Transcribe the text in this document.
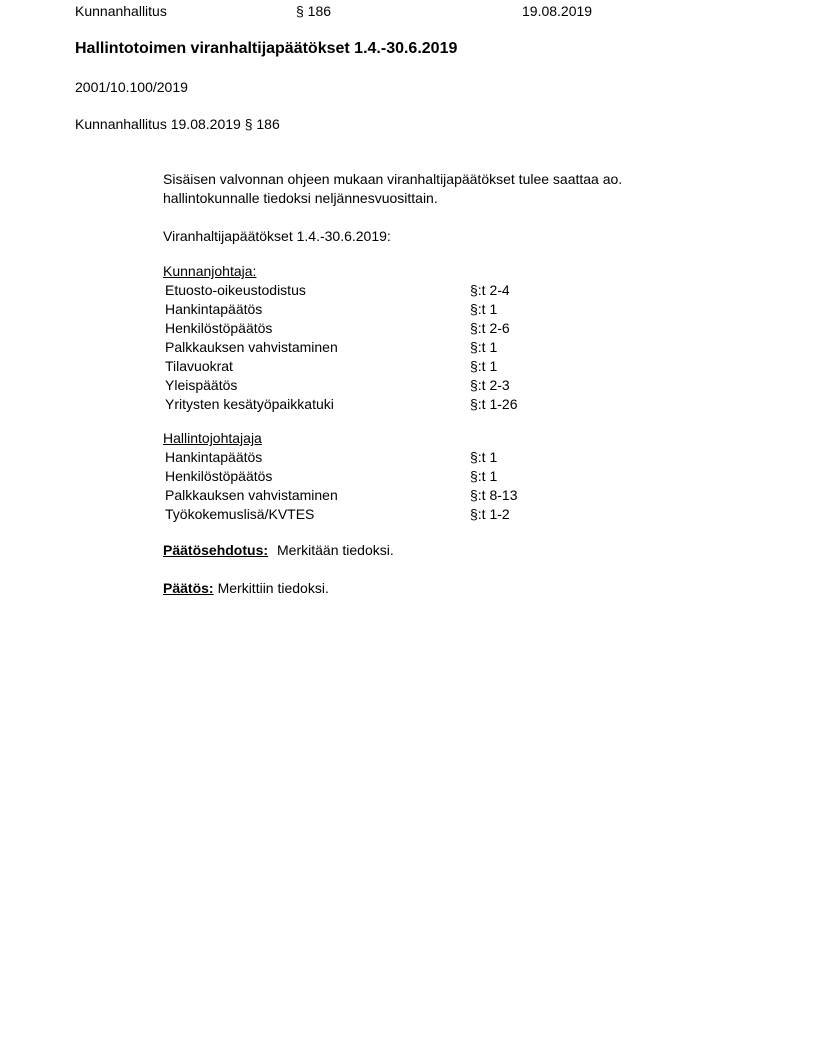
Kunnanhallitus	§ 186	19.08.2019
Hallintotoimen viranhaltijapäätökset 1.4.-30.6.2019
2001/10.100/2019
Kunnanhallitus 19.08.2019 § 186

Sisäisen valvonnan ohjeen mukaan viranhaltijapäätökset tulee saattaa ao.
hallintokunnalle tiedoksi neljännesvuosittain.

Viranhaltijapäätökset 1.4.-30.6.2019:
Kunnanjohtaja:
Etuosto-oikeustodistus	§:t 2-4
Hankintapäätös	§:t 1
Henkilöstöpäätös	§:t 2-6
Palkkauksen vahvistaminen	§:t 1
Tilavuokrat	§:t 1
Yleispäätös	§:t 2-3
Yritysten kesätyöpaikkatuki	§:t 1-26
Hallintojohtajaja
Hankintapäätös	§:t 1
Henkilöstöpäätös	§:t 1
Palkkauksen vahvistaminen	§:t 8-13
Työkokemuslisä/KVTES	§:t 1-2
Päätösehdotus: Merkitään tiedoksi.
Päätös: Merkittiin tiedoksi.
